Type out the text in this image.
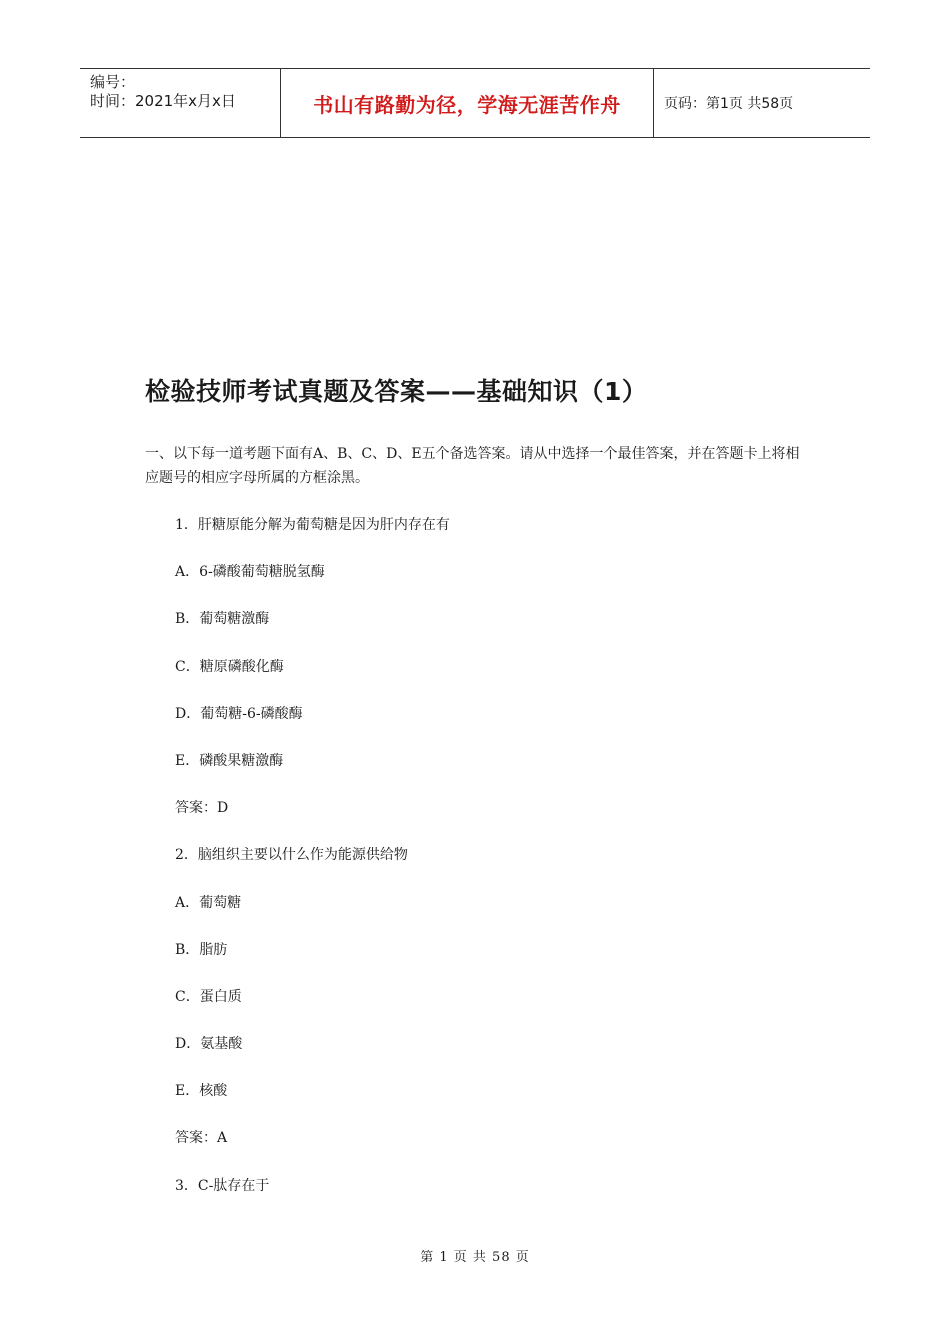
编号：
时间：2021年x月x日	书山有路勤为径，学海无涯苦作舟	页码：第1页 共58页
检验技师考试真题及答案——基础知识（1）

一、以下每一道考题下面有A、B、C、D、E五个备选答案。请从中选择一个最佳答案，并在答题卡上将相应题号的相应字母所属的方框涂黑。

1．肝糖原能分解为葡萄糖是因为肝内存在有
A．6-磷酸葡萄糖脱氢酶
B．葡萄糖激酶
C．糖原磷酸化酶
D．葡萄糖-6-磷酸酶
E．磷酸果糖激酶
答案：D
2．脑组织主要以什么作为能源供给物
A．葡萄糖
B．脂肪
C．蛋白质
D．氨基酸
E．核酸
答案：A
3．C-肽存在于
第 1 页 共 58 页
